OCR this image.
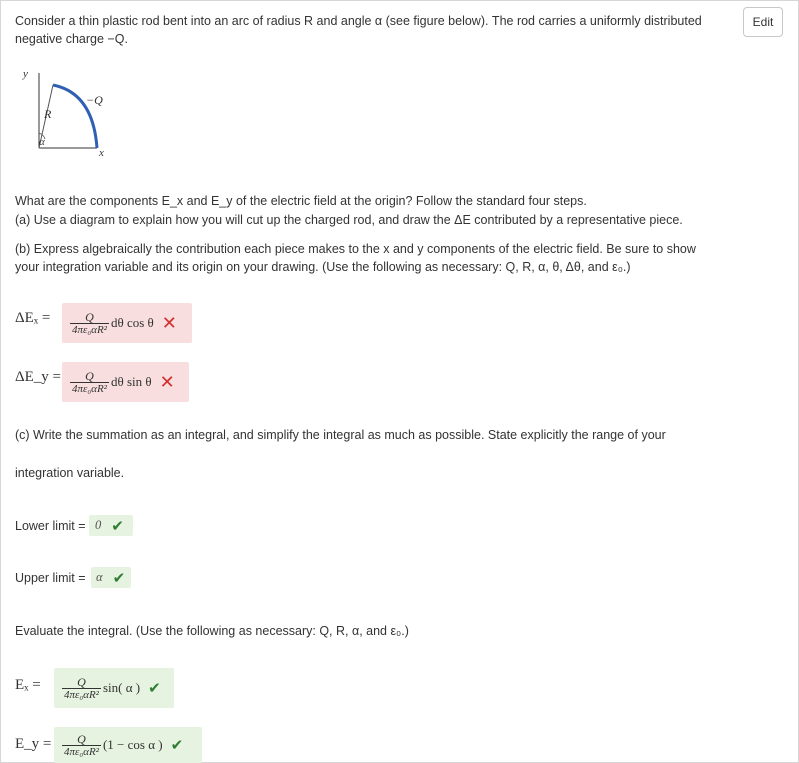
Consider a thin plastic rod bent into an arc of radius R and angle α (see figure below). The rod carries a uniformly distributed
negative charge −Q.
Edit
y
x
R
α
−Q
What are the components E_x and E_y of the electric field at the origin? Follow the standard four steps.
(a) Use a diagram to explain how you will cut up the charged rod, and draw the ΔE contributed by a representative piece.
(b) Express algebraically the contribution each piece makes to the x and y components of the electric field. Be sure to show
your integration variable and its origin on your drawing. (Use the following as necessary: Q, R, α, θ, Δθ, and ε₀.)
$\Delta E_x = \frac{Q}{\text{4πε₀αR²}}$ dθ cos θ ✕
ΔE_y = $\frac{Q}{\text{4πε₀αR²}}$ dθ sin θ ✕
(c) Write the summation as an integral, and simplify the integral as much as possible. State explicitly the range of your
integration variable.
Lower limit = 0 ✔
Upper limit = α ✔
Evaluate the integral. (Use the following as necessary: Q, R, α, and ε₀.)
$E_x = \frac{Q}{\text{4πε₀αR²}} \sin$( α ) ✔
E_y = $\frac{Q}{\text{4πε₀αR²}} (1 - \cos \alpha$ ) ✔
